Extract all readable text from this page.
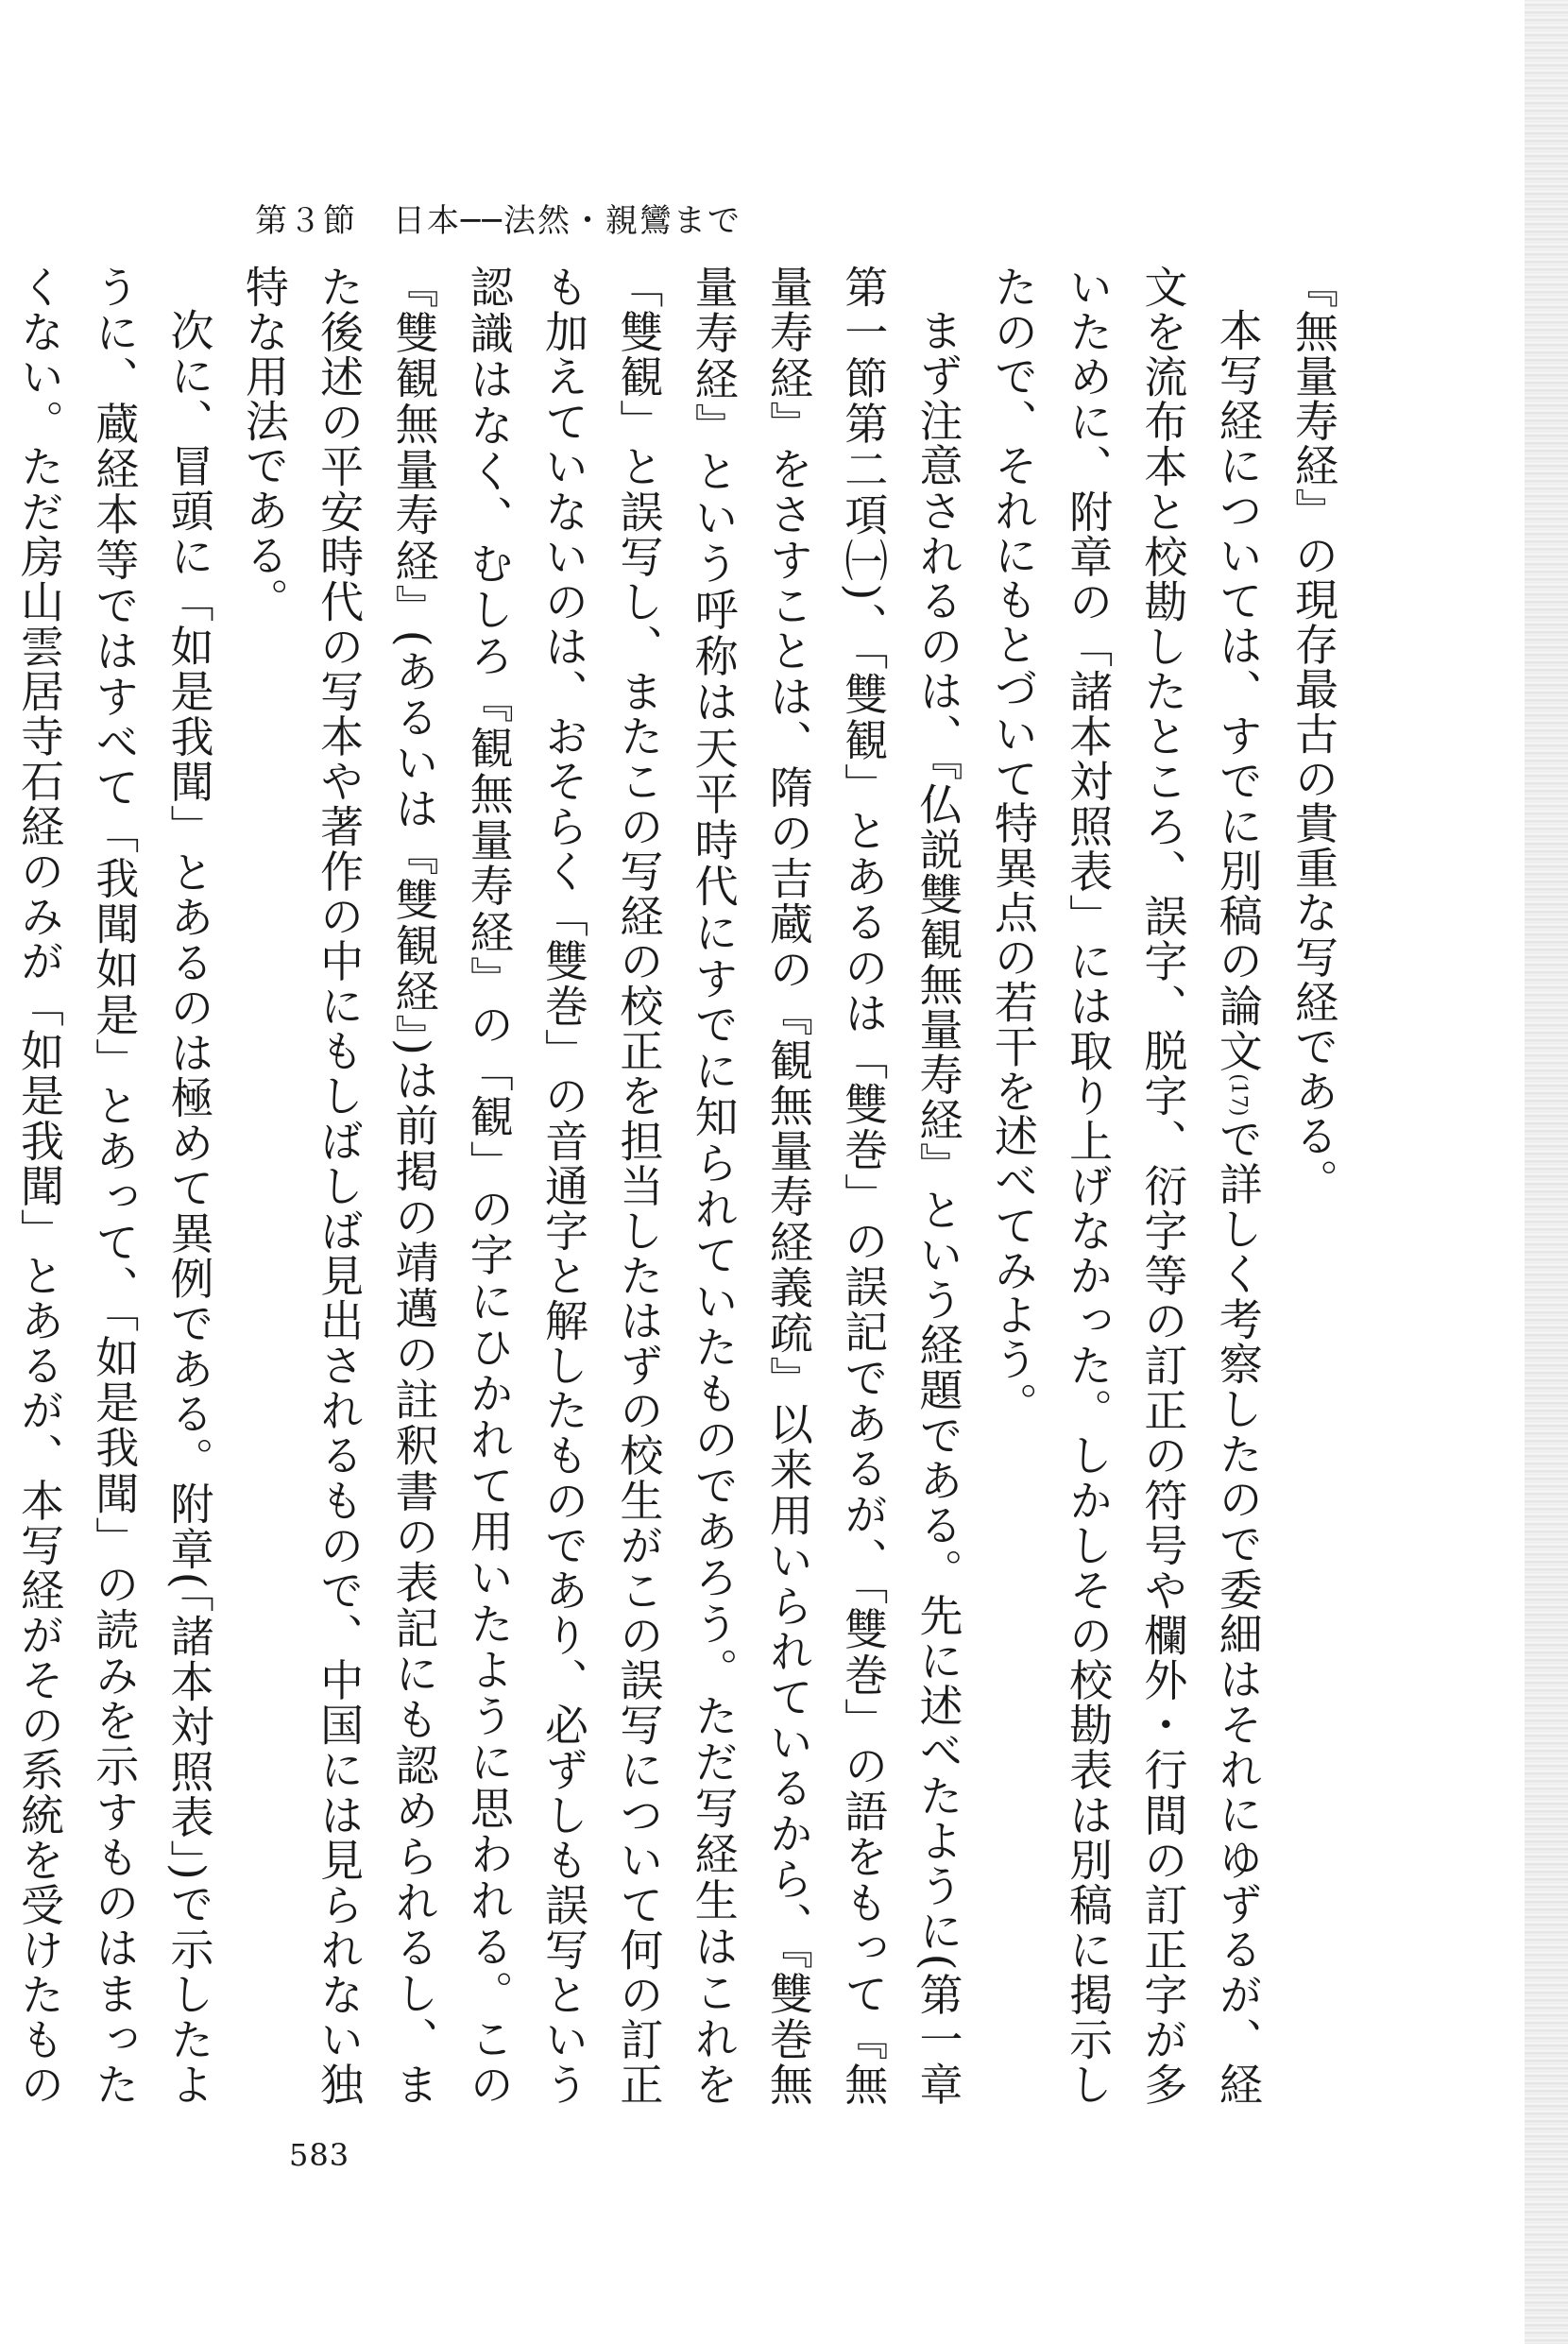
第３節 日本──法然・親鸞まで

『無量寿経』の現存最古の貴重な写経である。

本写経については、すでに別稿の論文(17)で詳しく考察したので委細はそれにゆずるが、経文を流布本と校勘したところ、誤字、脱字、衍字等の訂正の符号や欄外・行間の訂正字が多いために、附章の「諸本対照表」には取り上げなかった。しかしその校勘表は別稿に掲示したので、それにもとづいて特異点の若干を述べてみよう。

まず注意されるのは、『仏説雙観無量寿経』という経題である。先に述べたように(第一章第一節第二項㈠)、「雙観」とあるのは「雙巻」の誤記であるが、「雙巻」の語をもって『無量寿経』をさすことは、隋の吉蔵の『観無量寿経義疏』以来用いられているから、『雙巻無量寿経』という呼称は天平時代にすでに知られていたものであろう。ただ写経生はこれを「雙観」と誤写し、またこの写経の校正を担当したはずの校生がこの誤写について何の訂正も加えていないのは、おそらく「雙巻」の音通字と解したものであり、必ずしも誤写という認識はなく、むしろ『観無量寿経』の「観」の字にひかれて用いたように思われる。この『雙観無量寿経』(あるいは『雙観経』)は前掲の靖邁の註釈書の表記にも認められるし、また後述の平安時代の写本や著作の中にもしばしば見出されるもので、中国には見られない独特な用法である。

次に、冒頭に「如是我聞」とあるのは極めて異例である。附章(「諸本対照表」)で示したように、蔵経本等ではすべて「我聞如是」とあって、「如是我聞」の読みを示すものはまったくない。ただ房山雲居寺石経のみが「如是我聞」とあるが、本写経がその系統を受けたもの

583
